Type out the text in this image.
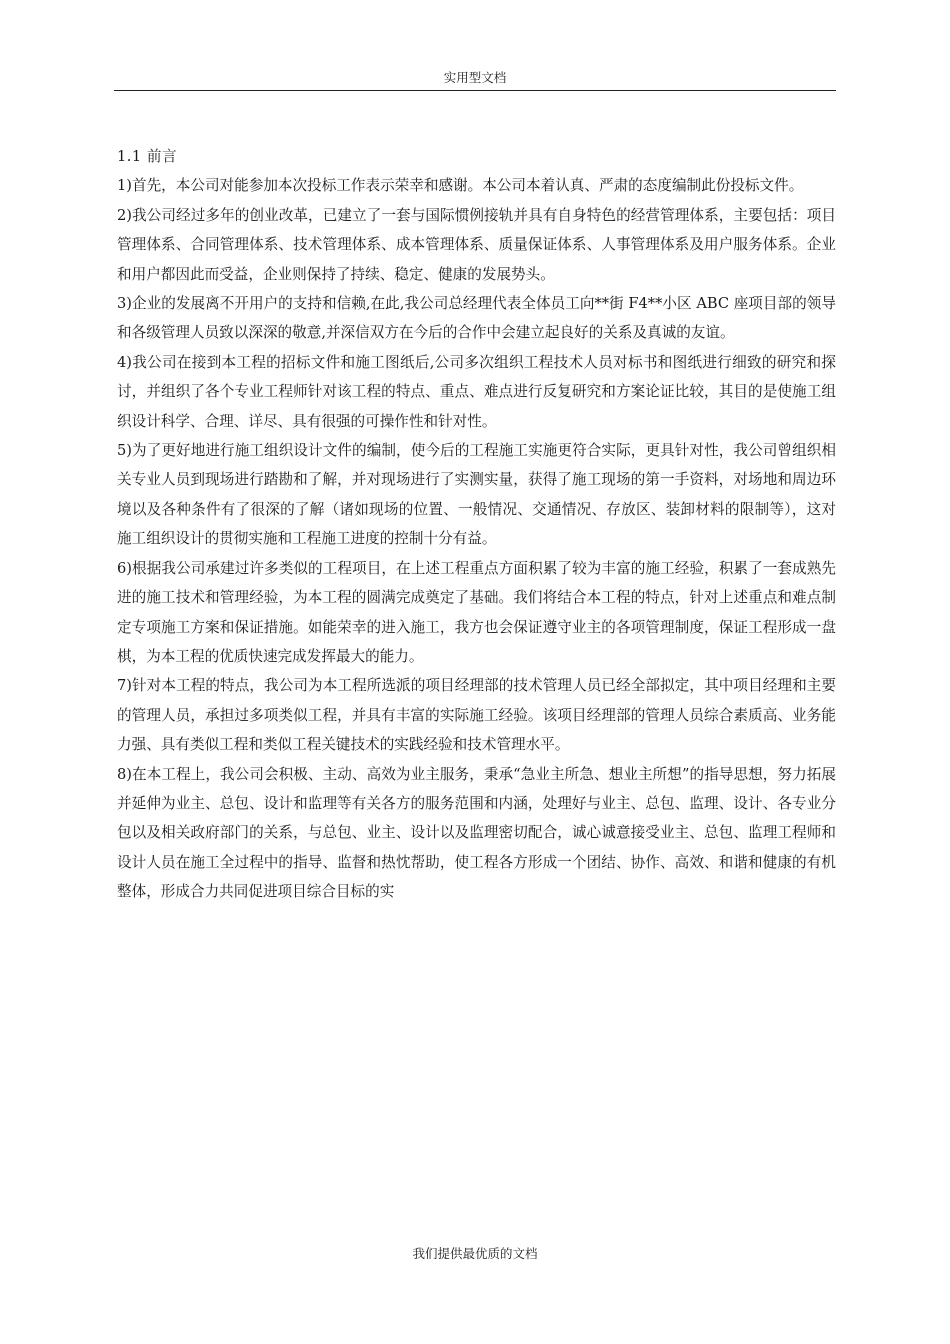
实用型文档

1.1 前言

1)首先，本公司对能参加本次投标工作表示荣幸和感谢。本公司本着认真、严肃的态度编制此份投标文件。

2)我公司经过多年的创业改革，已建立了一套与国际惯例接轨并具有自身特色的经营管理体系，主要包括：项目管理体系、合同管理体系、技术管理体系、成本管理体系、质量保证体系、人事管理体系及用户服务体系。企业和用户都因此而受益，企业则保持了持续、稳定、健康的发展势头。

3)企业的发展离不开用户的支持和信赖,在此,我公司总经理代表全体员工向**街 F4**小区 ABC 座项目部的领导和各级管理人员致以深深的敬意,并深信双方在今后的合作中会建立起良好的关系及真诚的友谊。

4)我公司在接到本工程的招标文件和施工图纸后,公司多次组织工程技术人员对标书和图纸进行细致的研究和探讨，并组织了各个专业工程师针对该工程的特点、重点、难点进行反复研究和方案论证比较，其目的是使施工组织设计科学、合理、详尽、具有很强的可操作性和针对性。

5)为了更好地进行施工组织设计文件的编制，使今后的工程施工实施更符合实际，更具针对性，我公司曾组织相关专业人员到现场进行踏勘和了解，并对现场进行了实测实量，获得了施工现场的第一手资料，对场地和周边环境以及各种条件有了很深的了解（诸如现场的位置、一般情况、交通情况、存放区、装卸材料的限制等），这对施工组织设计的贯彻实施和工程施工进度的控制十分有益。

6)根据我公司承建过许多类似的工程项目，在上述工程重点方面积累了较为丰富的施工经验，积累了一套成熟先进的施工技术和管理经验，为本工程的圆满完成奠定了基础。我们将结合本工程的特点，针对上述重点和难点制定专项施工方案和保证措施。如能荣幸的进入施工，我方也会保证遵守业主的各项管理制度，保证工程形成一盘棋，为本工程的优质快速完成发挥最大的能力。

7)针对本工程的特点，我公司为本工程所选派的项目经理部的技术管理人员已经全部拟定，其中项目经理和主要的管理人员，承担过多项类似工程，并具有丰富的实际施工经验。该项目经理部的管理人员综合素质高、业务能力强、具有类似工程和类似工程关键技术的实践经验和技术管理水平。

8)在本工程上，我公司会积极、主动、高效为业主服务，秉承“急业主所急、想业主所想”的指导思想，努力拓展并延伸为业主、总包、设计和监理等有关各方的服务范围和内涵，处理好与业主、总包、监理、设计、各专业分包以及相关政府部门的关系，与总包、业主、设计以及监理密切配合，诚心诚意接受业主、总包、监理工程师和设计人员在施工全过程中的指导、监督和热忱帮助，使工程各方形成一个团结、协作、高效、和谐和健康的有机整体，形成合力共同促进项目综合目标的实

我们提供最优质的文档
